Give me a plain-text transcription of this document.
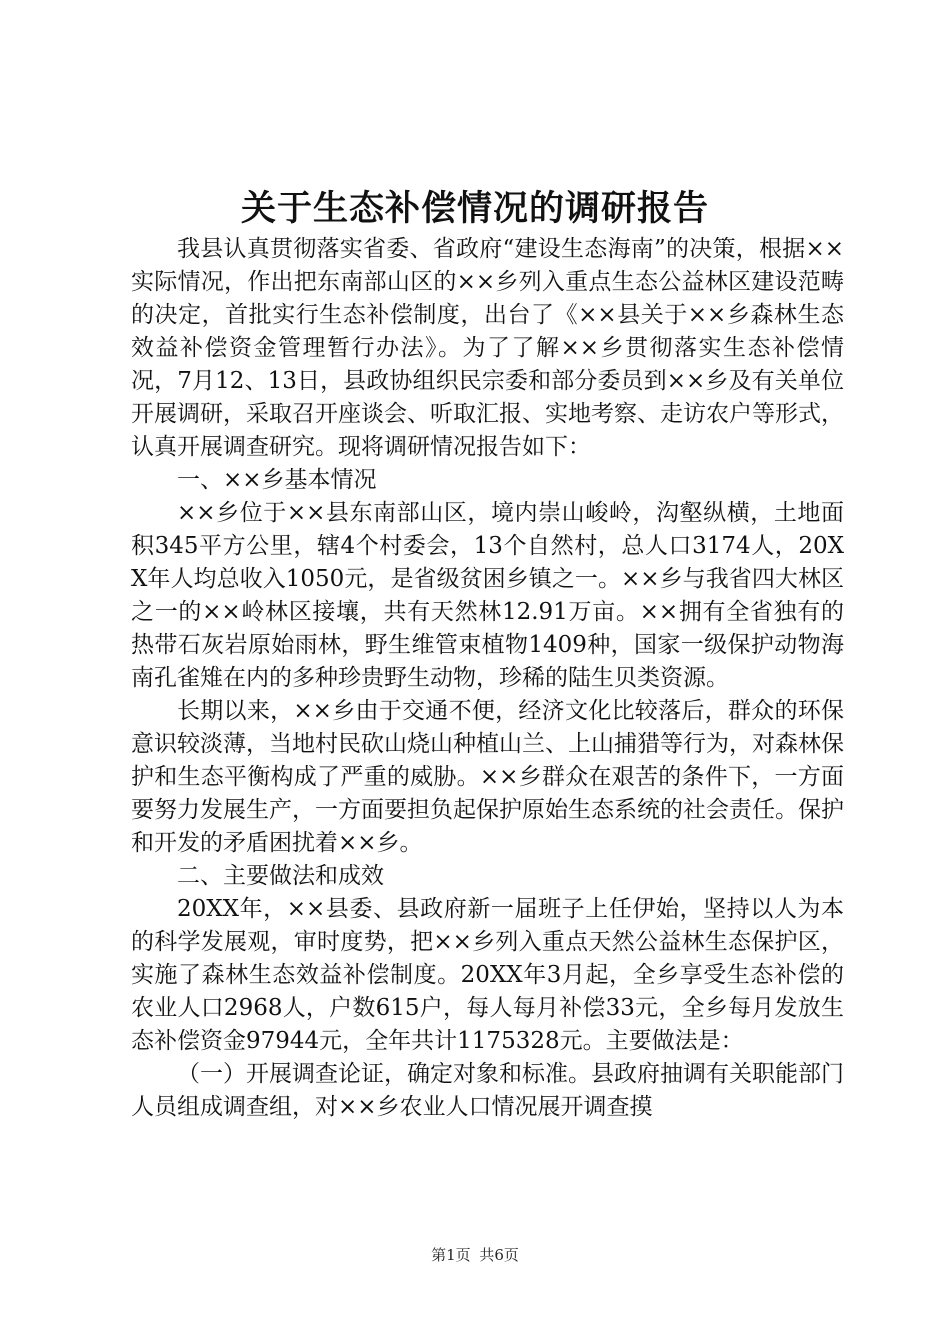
关于生态补偿情况的调研报告

我县认真贯彻落实省委、省政府“建设生态海南”的决策，根据××实际情况，作出把东南部山区的××乡列入重点生态公益林区建设范畴的决定，首批实行生态补偿制度，出台了《××县关于××乡森林生态效益补偿资金管理暂行办法》。为了了解××乡贯彻落实生态补偿情况，7月12、13日，县政协组织民宗委和部分委员到××乡及有关单位开展调研，采取召开座谈会、听取汇报、实地考察、走访农户等形式，认真开展调查研究。现将调研情况报告如下：

一、××乡基本情况

××乡位于××县东南部山区，境内崇山峻岭，沟壑纵横，土地面积345平方公里，辖4个村委会，13个自然村，总人口3174人，20XX年人均总收入1050元，是省级贫困乡镇之一。××乡与我省四大林区之一的××岭林区接壤，共有天然林12.91万亩。××拥有全省独有的热带石灰岩原始雨林，野生维管束植物1409种，国家一级保护动物海南孔雀雉在内的多种珍贵野生动物，珍稀的陆生贝类资源。

长期以来，××乡由于交通不便，经济文化比较落后，群众的环保意识较淡薄，当地村民砍山烧山种植山兰、上山捕猎等行为，对森林保护和生态平衡构成了严重的威胁。××乡群众在艰苦的条件下，一方面要努力发展生产，一方面要担负起保护原始生态系统的社会责任。保护和开发的矛盾困扰着××乡。

二、主要做法和成效

20XX年，××县委、县政府新一届班子上任伊始，坚持以人为本的科学发展观，审时度势，把××乡列入重点天然公益林生态保护区，实施了森林生态效益补偿制度。20XX年3月起，全乡享受生态补偿的农业人口2968人，户数615户，每人每月补偿33元，全乡每月发放生态补偿资金97944元，全年共计1175328元。主要做法是：

（一）开展调查论证，确定对象和标准。县政府抽调有关职能部门人员组成调查组，对××乡农业人口情况展开调查摸

第1页 共6页
